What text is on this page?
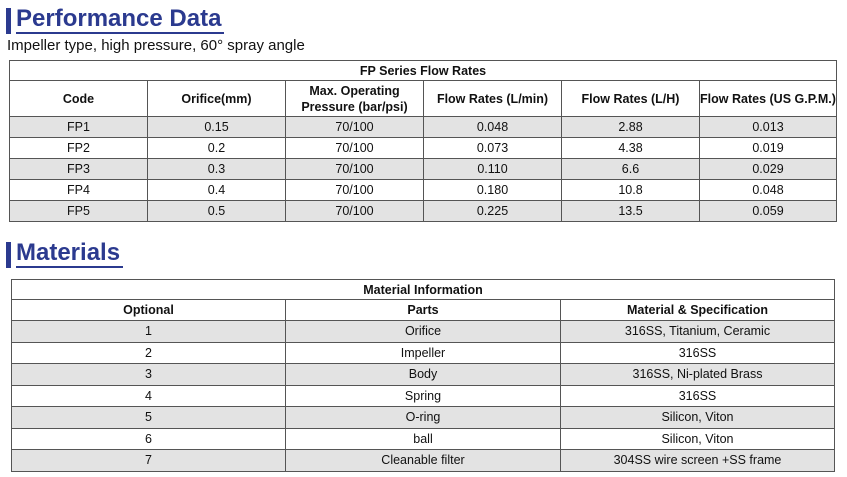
Performance Data
Impeller type, high pressure, 60° spray angle
FP Series Flow Rates					
Code	Orifice(mm)	Max. Operating Pressure (bar/psi)	Flow Rates (L/min)	Flow Rates (L/H)	Flow Rates (US G.P.M.)
FP1	0.15	70/100	0.048	2.88	0.013
FP2	0.2	70/100	0.073	4.38	0.019
FP3	0.3	70/100	0.110	6.6	0.029
FP4	0.4	70/100	0.180	10.8	0.048
FP5	0.5	70/100	0.225	13.5	0.059
Materials
Material Information		
Optional	Parts	Material & Specification
1	Orifice	316SS, Titanium, Ceramic
2	Impeller	316SS
3	Body	316SS, Ni-plated Brass
4	Spring	316SS
5	O-ring	Silicon, Viton
6	ball	Silicon, Viton
7	Cleanable filter	304SS wire screen +SS frame
